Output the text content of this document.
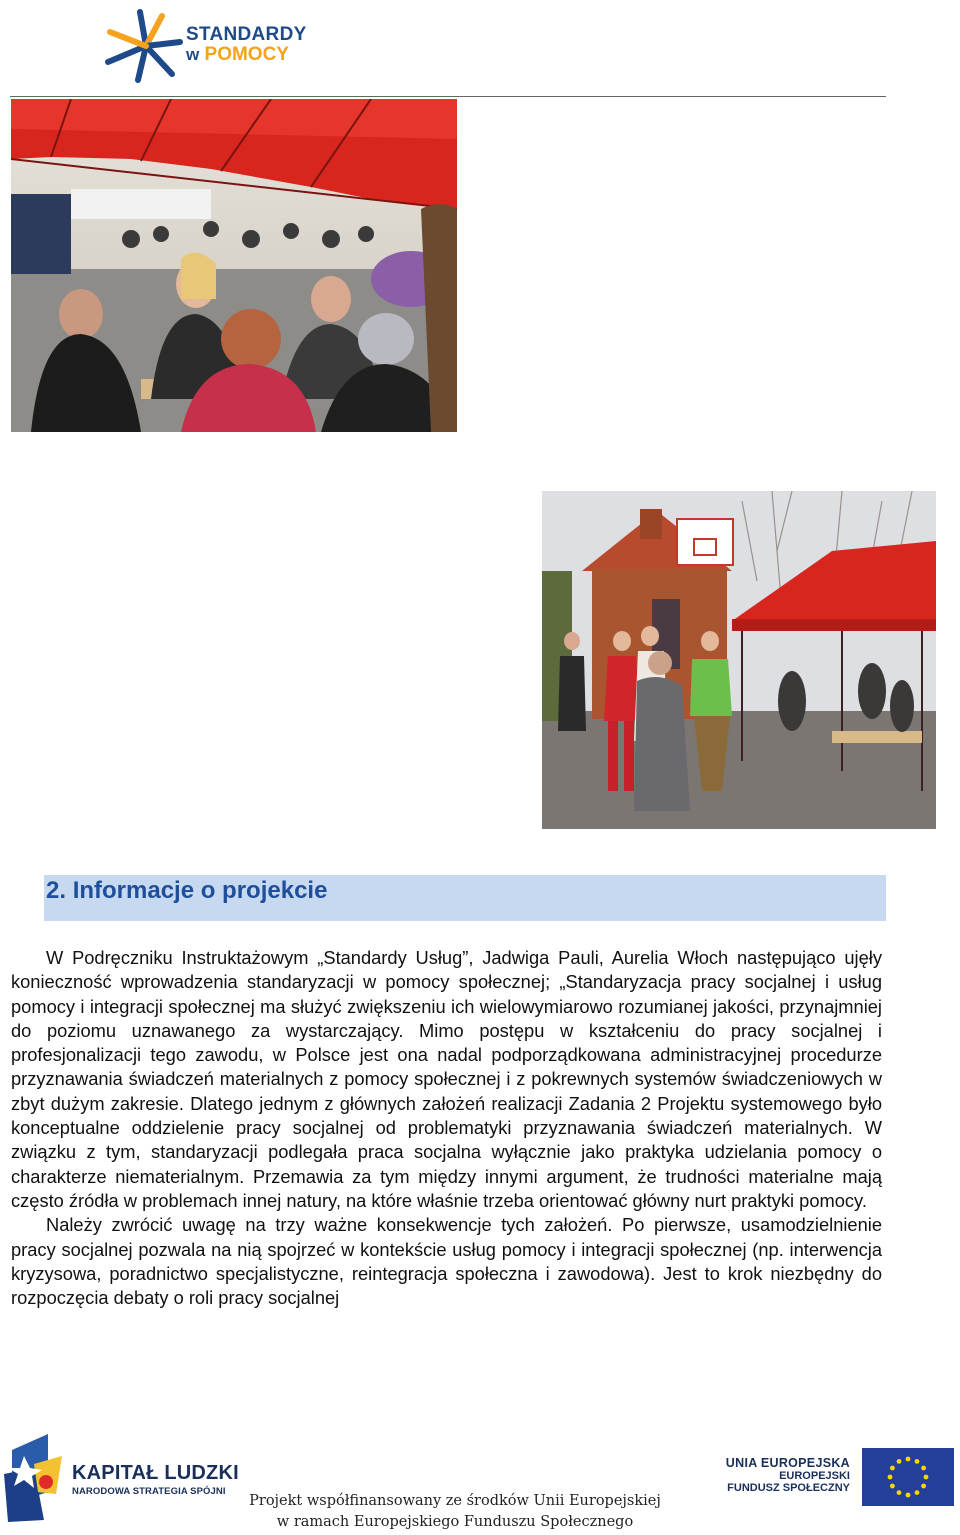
STANDARDY
w POMOCY
2. Informacje o projekcie

W Podręczniku Instruktażowym „Standardy Usług”, Jadwiga Pauli, Aurelia Włoch następująco ujęły konieczność wprowadzenia standaryzacji w pomocy społecznej; „Standaryzacja pracy socjalnej i usług pomocy i integracji społecznej ma służyć zwiększeniu ich wielowymiarowo rozumianej jakości, przynajmniej do poziomu uznawanego za wystarczający. Mimo postępu w kształceniu do pracy socjalnej i profesjonalizacji tego zawodu, w Polsce jest ona nadal podporządkowana administracyjnej procedurze przyznawania świadczeń materialnych z pomocy społecznej i z pokrewnych systemów świadczeniowych w zbyt dużym zakresie. Dlatego jednym z głównych założeń realizacji Zadania 2 Projektu systemowego było konceptualne oddzielenie pracy socjalnej od problematyki przyznawania świadczeń materialnych. W związku z tym, standaryzacji podlegała praca socjalna wyłącznie jako praktyka udzielania pomocy o charakterze niematerialnym. Przemawia za tym między innymi argument, że trudności materialne mają często źródła w problemach innej natury, na które właśnie trzeba orientować główny nurt praktyki pomocy.

Należy zwrócić uwagę na trzy ważne konsekwencje tych założeń. Po pierwsze, usamodzielnienie pracy socjalnej pozwala na nią spojrzeć w kontekście usług pomocy i integracji społecznej (np. interwencja kryzysowa, poradnictwo specjalistyczne, reintegracja społeczna i zawodowa). Jest to krok niezbędny do rozpoczęcia debaty o roli pracy socjalnej

KAPITAŁ LUDZKI
NARODOWA STRATEGIA SPÓJNI
Projekt współfinansowany ze środków Unii Europejskiej
w ramach Europejskiego Funduszu Społecznego
UNIA EUROPEJSKA
EUROPEJSKI
FUNDUSZ SPOŁECZNY
